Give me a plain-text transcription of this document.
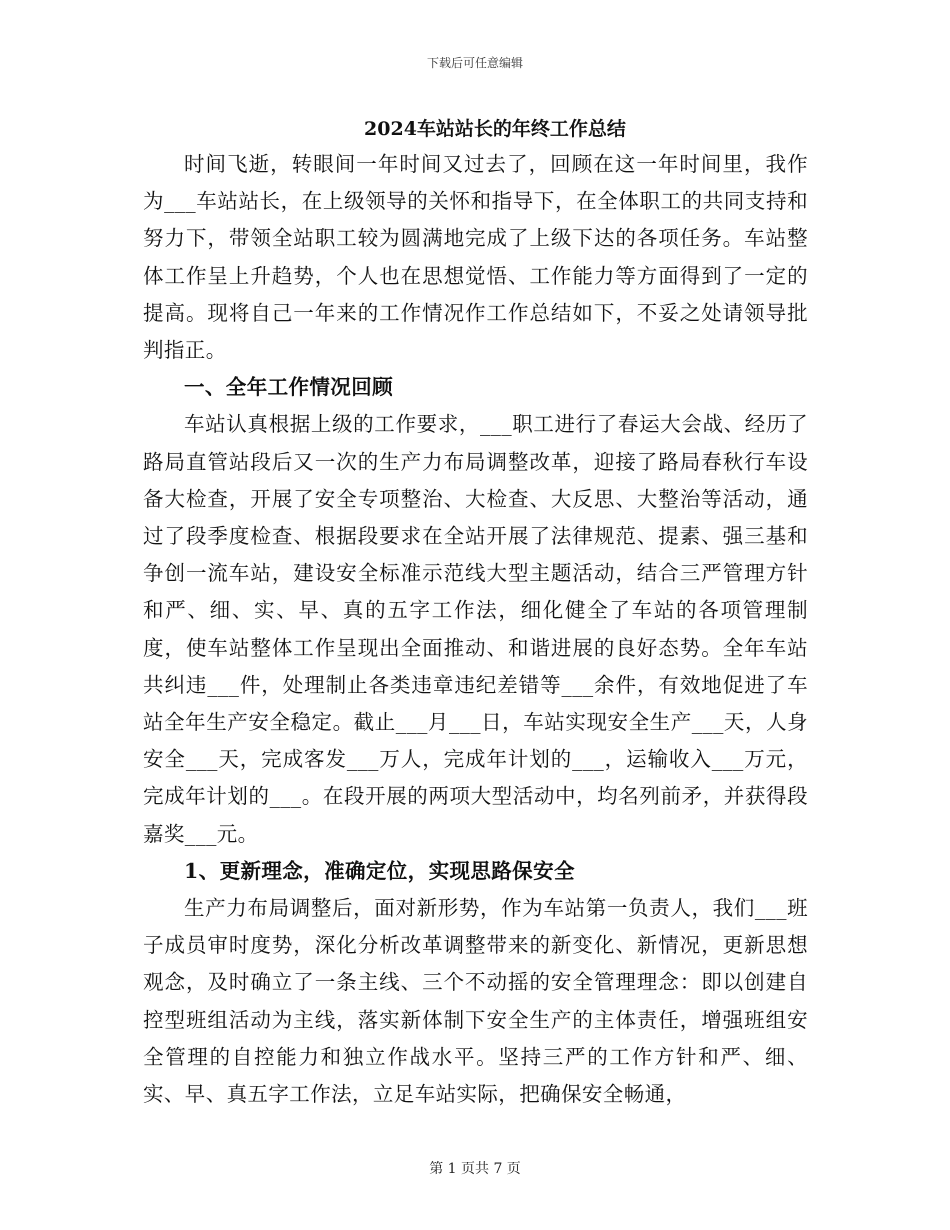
下载后可任意编辑
2024车站站长的年终工作总结

时间飞逝，转眼间一年时间又过去了，回顾在这一年时间里，我作为___车站站长，在上级领导的关怀和指导下，在全体职工的共同支持和努力下，带领全站职工较为圆满地完成了上级下达的各项任务。车站整体工作呈上升趋势，个人也在思想觉悟、工作能力等方面得到了一定的提高。现将自己一年来的工作情况作工作总结如下，不妥之处请领导批判指正。

一、全年工作情况回顾

车站认真根据上级的工作要求，___职工进行了春运大会战、经历了路局直管站段后又一次的生产力布局调整改革，迎接了路局春秋行车设备大检查，开展了安全专项整治、大检查、大反思、大整治等活动，通过了段季度检查、根据段要求在全站开展了法律规范、提素、强三基和争创一流车站，建设安全标准示范线大型主题活动，结合三严管理方针和严、细、实、早、真的五字工作法，细化健全了车站的各项管理制度，使车站整体工作呈现出全面推动、和谐进展的良好态势。全年车站共纠违___件，处理制止各类违章违纪差错等___余件，有效地促进了车站全年生产安全稳定。截止___月___日，车站实现安全生产___天，人身安全___天，完成客发___万人，完成年计划的___，运输收入___万元，完成年计划的___。在段开展的两项大型活动中，均名列前矛，并获得段嘉奖___元。

1、更新理念，准确定位，实现思路保安全

生产力布局调整后，面对新形势，作为车站第一负责人，我们___班子成员审时度势，深化分析改革调整带来的新变化、新情况，更新思想观念，及时确立了一条主线、三个不动摇的安全管理理念：即以创建自控型班组活动为主线，落实新体制下安全生产的主体责任，增强班组安全管理的自控能力和独立作战水平。坚持三严的工作方针和严、细、实、早、真五字工作法，立足车站实际，把确保安全畅通，

第 1 页共 7 页
